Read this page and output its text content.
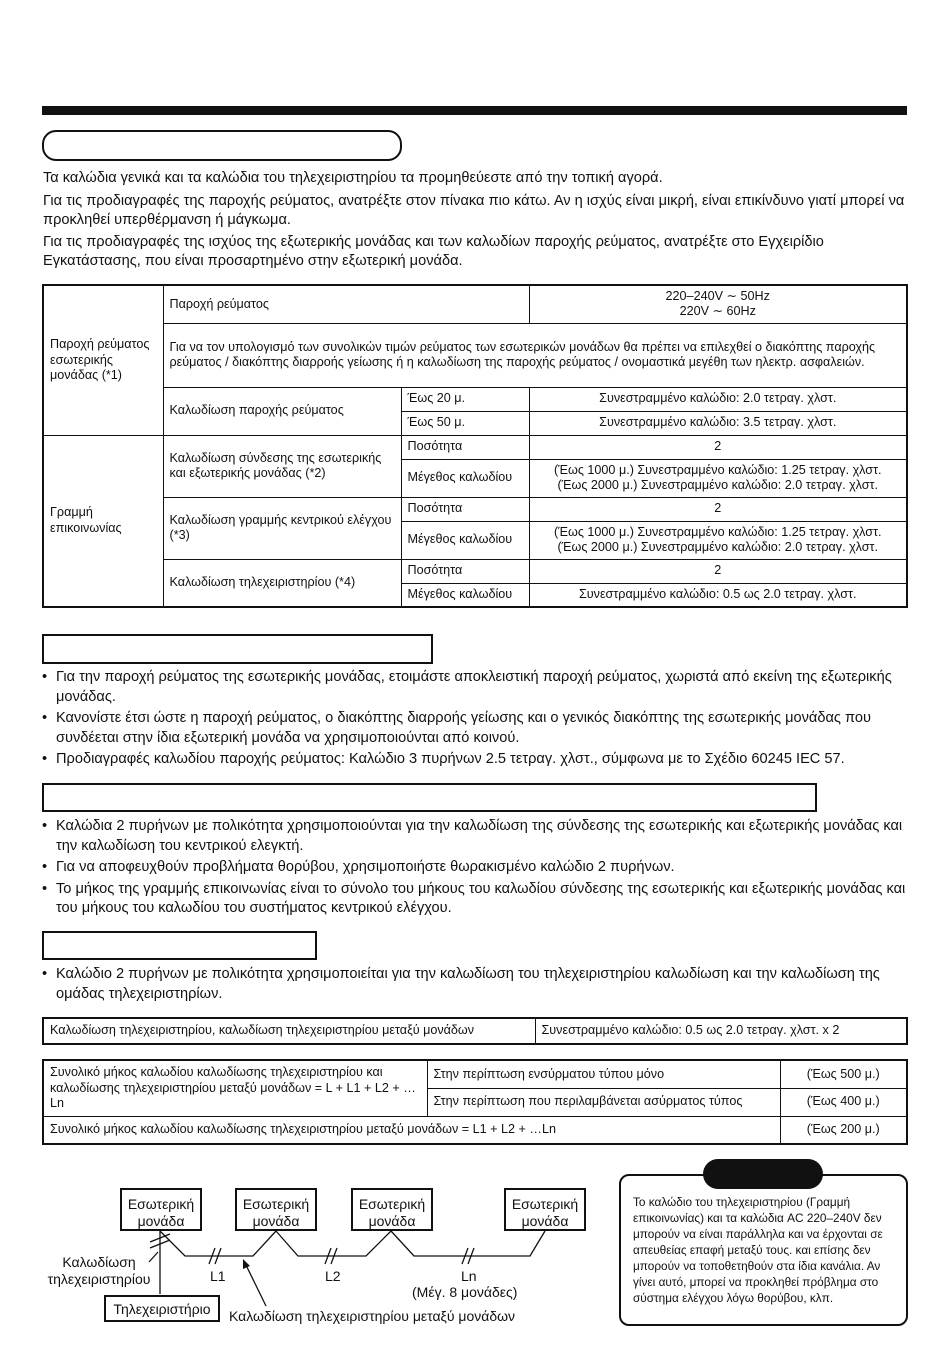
Τα καλώδια γενικά και τα καλώδια του τηλεχειριστηρίου τα προμηθεύεστε από την τοπική αγορά.
Για τις προδιαγραφές της παροχής ρεύματος, ανατρέξτε στον πίνακα πιο κάτω. Αν η ισχύς είναι μικρή, είναι επικίνδυνο γιατί μπορεί να προκληθεί υπερθέρμανση ή μάγκωμα.
Για τις προδιαγραφές της ισχύος της εξωτερικής μονάδας και των καλωδίων παροχής ρεύματος, ανατρέξτε στο Εγχειρίδιο Εγκατάστασης, που είναι προσαρτημένο στην εξωτερική μονάδα.
Παροχή ρεύματος εσωτερικής μονάδας (*1)	Παροχή ρεύματος		220–240V ∼ 50Hz
220V ∼ 60Hz

	Για να τον υπολογισμό των συνολικών τιμών ρεύματος των εσωτερικών μονάδων θα πρέπει να επιλεχθεί ο διακόπτης παροχής ρεύματος / διακόπτης διαρροής γείωσης ή η καλωδίωση της παροχής ρεύματος / ονομαστικά μεγέθη των ηλεκτρ. ασφαλειών.		
	Καλωδίωση παροχής ρεύματος	Έως 20 μ.	Συνεστραμμένο καλώδιο: 2.0 τετραγ. χλστ.
		Έως 50 μ.	Συνεστραμμένο καλώδιο: 3.5 τετραγ. χλστ.
Γραμμή επικοινωνίας	Καλωδίωση σύνδεσης της εσωτερικής και εξωτερικής μονάδας (*2)	Ποσότητα	2
		Μέγεθος καλωδίου	(Έως 1000 μ.) Συνεστραμμένο καλώδιο: 1.25 τετραγ. χλστ.
(Έως 2000 μ.) Συνεστραμμένο καλώδιο: 2.0 τετραγ. χλστ.

	Καλωδίωση γραμμής κεντρικού ελέγχου (*3)	Ποσότητα	2
		Μέγεθος καλωδίου	(Έως 1000 μ.) Συνεστραμμένο καλώδιο: 1.25 τετραγ. χλστ.
(Έως 2000 μ.) Συνεστραμμένο καλώδιο: 2.0 τετραγ. χλστ.

	Καλωδίωση τηλεχειριστηρίου (*4)	Ποσότητα	2
		Μέγεθος καλωδίου	Συνεστραμμένο καλώδιο: 0.5 ως 2.0 τετραγ. χλστ.
• Για την παροχή ρεύματος της εσωτερικής μονάδας, ετοιμάστε αποκλειστική παροχή ρεύματος, χωριστά από εκείνη της εξωτερικής μονάδας.
• Κανονίστε έτσι ώστε η παροχή ρεύματος, ο διακόπτης διαρροής γείωσης και ο γενικός διακόπτης της εσωτερικής μονάδας που συνδέεται στην ίδια εξωτερική μονάδα να χρησιμοποιούνται από κοινού.
• Προδιαγραφές καλωδίου παροχής ρεύματος: Καλώδιο 3 πυρήνων 2.5 τετραγ. χλστ., σύμφωνα με το Σχέδιο 60245 IEC 57.
• Καλώδια 2 πυρήνων με πολικότητα χρησιμοποιούνται για την καλωδίωση της σύνδεσης της εσωτερικής και εξωτερικής μονάδας και την καλωδίωση του κεντρικού ελεγκτή.
• Για να αποφευχθούν προβλήματα θορύβου, χρησιμοποιήστε θωρακισμένο καλώδιο 2 πυρήνων.
• Το μήκος της γραμμής επικοινωνίας είναι το σύνολο του μήκους του καλωδίου σύνδεσης της εσωτερικής και εξωτερικής μονάδας και του μήκους του καλωδίου του συστήματος κεντρικού ελέγχου.
• Καλώδιο 2 πυρήνων με πολικότητα χρησιμοποιείται για την καλωδίωση του τηλεχειριστηρίου καλωδίωση και την καλωδίωση της ομάδας τηλεχειριστηρίων.
Καλωδίωση τηλεχειριστηρίου, καλωδίωση τηλεχειριστηρίου μεταξύ μονάδων	Συνεστραμμένο καλώδιο: 0.5 ως 2.0 τετραγ. χλστ. x 2
Συνολικό μήκος καλωδίου καλωδίωσης τηλεχειριστηρίου και καλωδίωσης τηλεχειριστηρίου μεταξύ μονάδων = L + L1 + L2 + …Ln	Στην περίπτωση ενσύρματου τύπου μόνο	(Έως 500 μ.)
	Στην περίπτωση που περιλαμβάνεται ασύρματος τύπος	(Έως 400 μ.)
Συνολικό μήκος καλωδίου καλωδίωσης τηλεχειριστηρίου μεταξύ μονάδων = L1 + L2 + …Ln		(Έως 200 μ.)
Εσωτερική μονάδα
Εσωτερική μονάδα
Εσωτερική μονάδα
Εσωτερική μονάδα
Καλωδίωση τηλεχειριστηρίου
Τηλεχειριστήριο
L1	L2	Ln
(Μέγ. 8 μονάδες)
Καλωδίωση τηλεχειριστηρίου μεταξύ μονάδων
Το καλώδιο του τηλεχειριστηρίου (Γραμμή επικοινωνίας) και τα καλώδια AC 220–240V δεν μπορούν να είναι παράλληλα και να έρχονται σε απευθείας επαφή μεταξύ τους. και επίσης δεν μπορούν να τοποθετηθούν στα ίδια κανάλια. Αν γίνει αυτό, μπορεί να προκληθεί πρόβλημα στο σύστημα ελέγχου λόγω θορύβου, κλπ.
